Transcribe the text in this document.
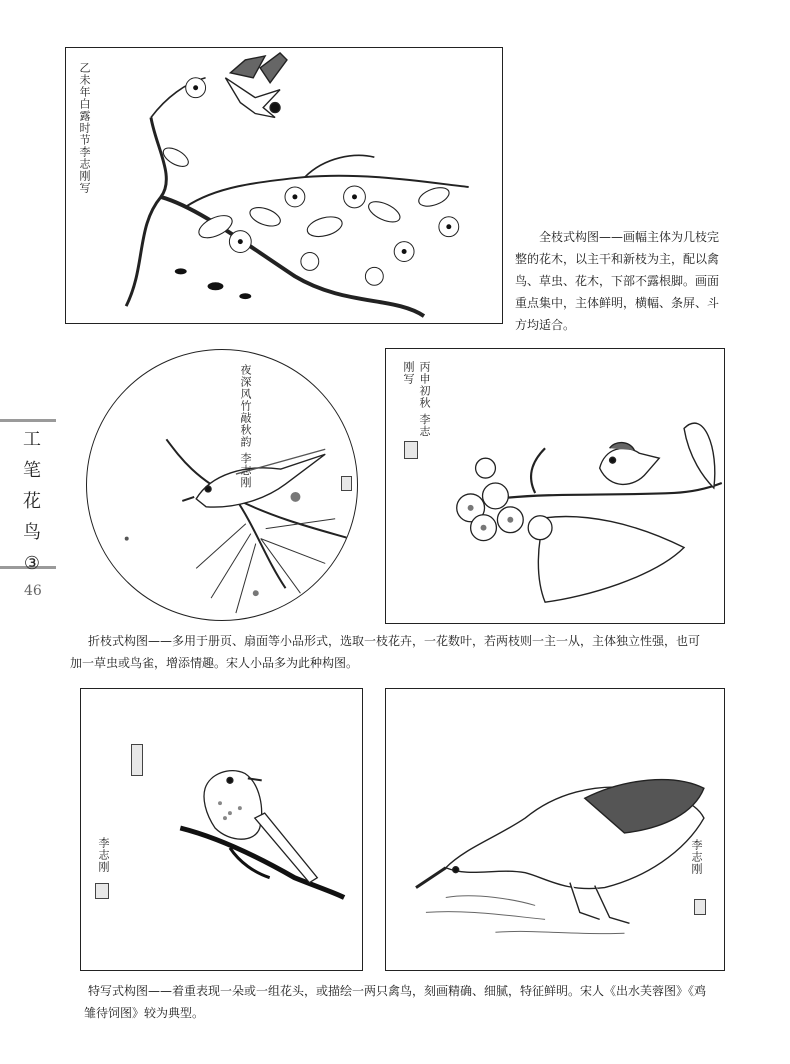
工
笔
花
鸟
③
46
乙未年白露时节李志刚写

全枝式构图——画幅主体为几枝完

整的花木，以主干和新枝为主，配以禽

鸟、草虫、花木，下部不露根脚。画面

重点集中，主体鲜明，横幅、条屏、斗

方均适合。

夜深风竹敲秋韵 李志刚	丙申初秋 李志刚写

折枝式构图——多用于册页、扇面等小品形式，选取一枝花卉，一花数叶，若两枝则一主一从，主体独立性强，也可

加一草虫或鸟雀，增添情趣。宋人小品多为此种构图。

李志刚	李志刚

特写式构图——着重表现一朵或一组花头，或描绘一两只禽鸟，刻画精确、细腻，特征鲜明。宋人《出水芙蓉图》《鸡

雏待饲图》较为典型。
